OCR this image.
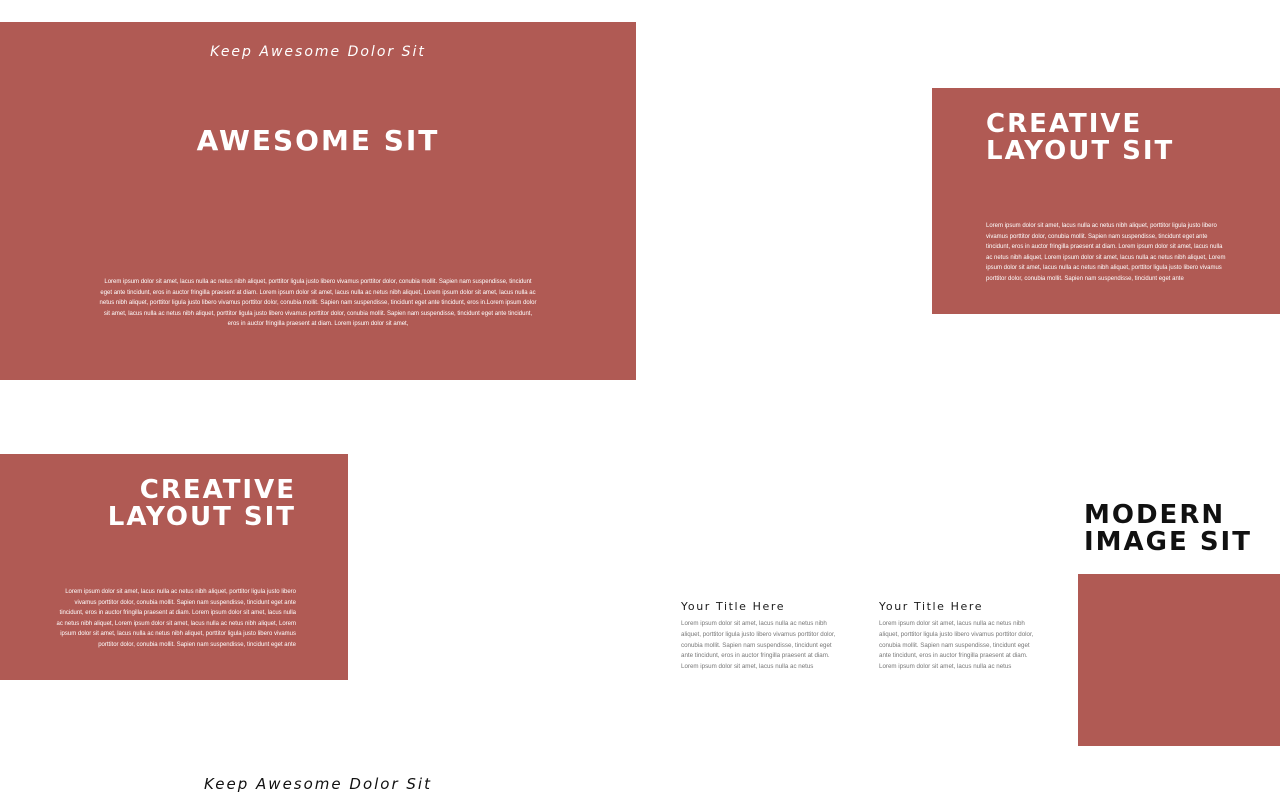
Keep Awesome Dolor Sit
AWESOME SIT
Lorem ipsum dolor sit amet, lacus nulla ac netus nibh aliquet, porttitor ligula justo libero vivamus porttitor dolor, conubia mollit. Sapien nam suspendisse, tincidunt eget ante tincidunt, eros in auctor fringilla praesent at diam. Lorem ipsum dolor sit amet, lacus nulla ac netus nibh aliquet, Lorem ipsum dolor sit amet, lacus nulla ac netus nibh aliquet, porttitor ligula justo libero vivamus porttitor dolor, conubia mollit. Sapien nam suspendisse, tincidunt eget ante tincidunt, eros in.Lorem ipsum dolor sit amet, lacus nulla ac netus nibh aliquet, porttitor ligula justo libero vivamus porttitor dolor, conubia mollit. Sapien nam suspendisse, tincidunt eget ante tincidunt, eros in auctor fringilla praesent at diam. Lorem ipsum dolor sit amet,
CREATIVE
LAYOUT SIT
Lorem ipsum dolor sit amet, lacus nulla ac netus nibh aliquet, porttitor ligula justo libero vivamus porttitor dolor, conubia mollit. Sapien nam suspendisse, tincidunt eget ante tincidunt, eros in auctor fringilla praesent at diam. Lorem ipsum dolor sit amet, lacus nulla ac netus nibh aliquet, Lorem ipsum dolor sit amet, lacus nulla ac netus nibh aliquet, Lorem ipsum dolor sit amet, lacus nulla ac netus nibh aliquet, porttitor ligula justo libero vivamus porttitor dolor, conubia mollit. Sapien nam suspendisse, tincidunt eget ante
CREATIVE
LAYOUT SIT
Lorem ipsum dolor sit amet, lacus nulla ac netus nibh aliquet, porttitor ligula justo libero vivamus porttitor dolor, conubia mollit. Sapien nam suspendisse, tincidunt eget ante tincidunt, eros in auctor fringilla praesent at diam. Lorem ipsum dolor sit amet, lacus nulla ac netus nibh aliquet, Lorem ipsum dolor sit amet, lacus nulla ac netus nibh aliquet, Lorem ipsum dolor sit amet, lacus nulla ac netus nibh aliquet, porttitor ligula justo libero vivamus porttitor dolor, conubia mollit. Sapien nam suspendisse, tincidunt eget ante
MODERN
IMAGE SIT
Your Title Here
Lorem ipsum dolor sit amet, lacus nulla ac netus nibh aliquet, porttitor ligula justo libero vivamus porttitor dolor, conubia mollit. Sapien nam suspendisse, tincidunt eget ante tincidunt, eros in auctor fringilla praesent at diam. Lorem ipsum dolor sit amet, lacus nulla ac netus
Your Title Here
Lorem ipsum dolor sit amet, lacus nulla ac netus nibh aliquet, porttitor ligula justo libero vivamus porttitor dolor, conubia mollit. Sapien nam suspendisse, tincidunt eget ante tincidunt, eros in auctor fringilla praesent at diam. Lorem ipsum dolor sit amet, lacus nulla ac netus
Keep Awesome Dolor Sit
